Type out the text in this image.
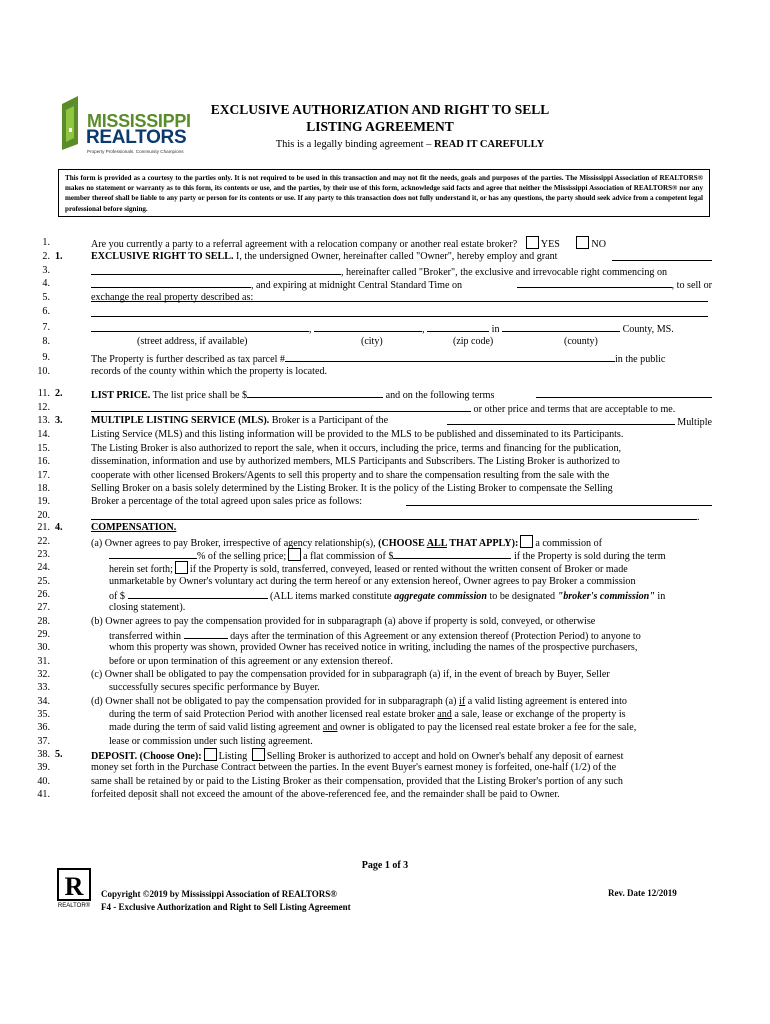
MISSISSIPPI
REALTORS
Property Professionals. Community Champions
EXCLUSIVE AUTHORIZATION AND RIGHT TO SELL
LISTING AGREEMENT
This is a legally binding agreement – READ IT CAREFULLY
This form is provided as a courtesy to the parties only. It is not required to be used in this transaction and may not fit the needs, goals and purposes of the parties. The Mississippi Association of REALTORS® makes no statement or warranty as to this form, its contents or use, and the parties, by their use of this form, acknowledge said facts and agree that neither the Mississippi Association of REALTORS® nor any member thereof shall be liable to any party or person for its contents or use. If any party to this transaction does not fully understand it, or has any questions, the party should seek advice from a competent legal professional before signing.
1.	Are you currently a party to a referral agreement with a relocation company or another real estate broker? YES	NO
2. 1.	EXCLUSIVE RIGHT TO SELL. I, the undersigned Owner, hereinafter called "Owner", hereby employ and grant
3.	, hereinafter called "Broker", the exclusive and irrevocable right commencing on
4.	, and expiring at midnight Central Standard Time on	, to sell or
5.	exchange the real property described as:
6.
7.	,	,	in	County, MS.
8.	(street address, if available)	(city)	(zip code)	(county)
9.	The Property is further described as tax parcel #	in the public
10.	records of the county within which the property is located.
11. 2.	LIST PRICE. The list price shall be $	and on the following terms
12.	or other price and terms that are acceptable to me.
13. 3.	MULTIPLE LISTING SERVICE (MLS). Broker is a Participant of the	Multiple
14.	Listing Service (MLS) and this listing information will be provided to the MLS to be published and disseminated to its Participants.
15.	The Listing Broker is also authorized to report the sale, when it occurs, including the price, terms and financing for the publication,
16.	dissemination, information and use by authorized members, MLS Participants and Subscribers. The Listing Broker is authorized to
17.	cooperate with other licensed Brokers/Agents to sell this property and to share the compensation resulting from the sale with the
18.	Selling Broker on a basis solely determined by the Listing Broker. It is the policy of the Listing Broker to compensate the Selling
19.	Broker a percentage of the total agreed upon sales price as follows:
20.	.
21. 4.	COMPENSATION.
22.	(a) Owner agrees to pay Broker, irrespective of agency relationship(s), (CHOOSE ALL THAT APPLY): a commission of
23.	% of the selling price; a flat commission of $	if the Property is sold during the term
24.	herein set forth; if the Property is sold, transferred, conveyed, leased or rented without the written consent of Broker or made
25.	unmarketable by Owner's voluntary act during the term hereof or any extension hereof, Owner agrees to pay Broker a commission
26.	of $	(ALL items marked constitute aggregate commission to be designated "broker's commission" in
27.	closing statement).
28.	(b) Owner agrees to pay the compensation provided for in subparagraph (a) above if property is sold, conveyed, or otherwise
29.	transferred within	days after the termination of this Agreement or any extension thereof (Protection Period) to anyone to
30.	whom this property was shown, provided Owner has received notice in writing, including the names of the prospective purchasers,
31.	before or upon termination of this agreement or any extension thereof.
32.	(c) Owner shall be obligated to pay the compensation provided for in subparagraph (a) if, in the event of breach by Buyer, Seller
33.	successfully secures specific performance by Buyer.
34.	(d) Owner shall not be obligated to pay the compensation provided for in subparagraph (a) if a valid listing agreement is entered into
35.	during the term of said Protection Period with another licensed real estate broker and a sale, lease or exchange of the property is
36.	made during the term of said valid listing agreement and owner is obligated to pay the licensed real estate broker a fee for the sale,
37.	lease or commission under such listing agreement.
38. 5.	DEPOSIT. (Choose One): Listing Selling Broker is authorized to accept and hold on Owner's behalf any deposit of earnest
39.	money set forth in the Purchase Contract between the parties. In the event Buyer's earnest money is forfeited, one-half (1/2) of the
40.	same shall be retained by or paid to the Listing Broker as their compensation, provided that the Listing Broker's portion of any such
41.	forfeited deposit shall not exceed the amount of the above-referenced fee, and the remainder shall be paid to Owner.
Page 1 of 3
R
REALTOR®
Copyright ©2019 by Mississippi Association of REALTORS®
F4 - Exclusive Authorization and Right to Sell Listing Agreement
Rev. Date 12/2019
